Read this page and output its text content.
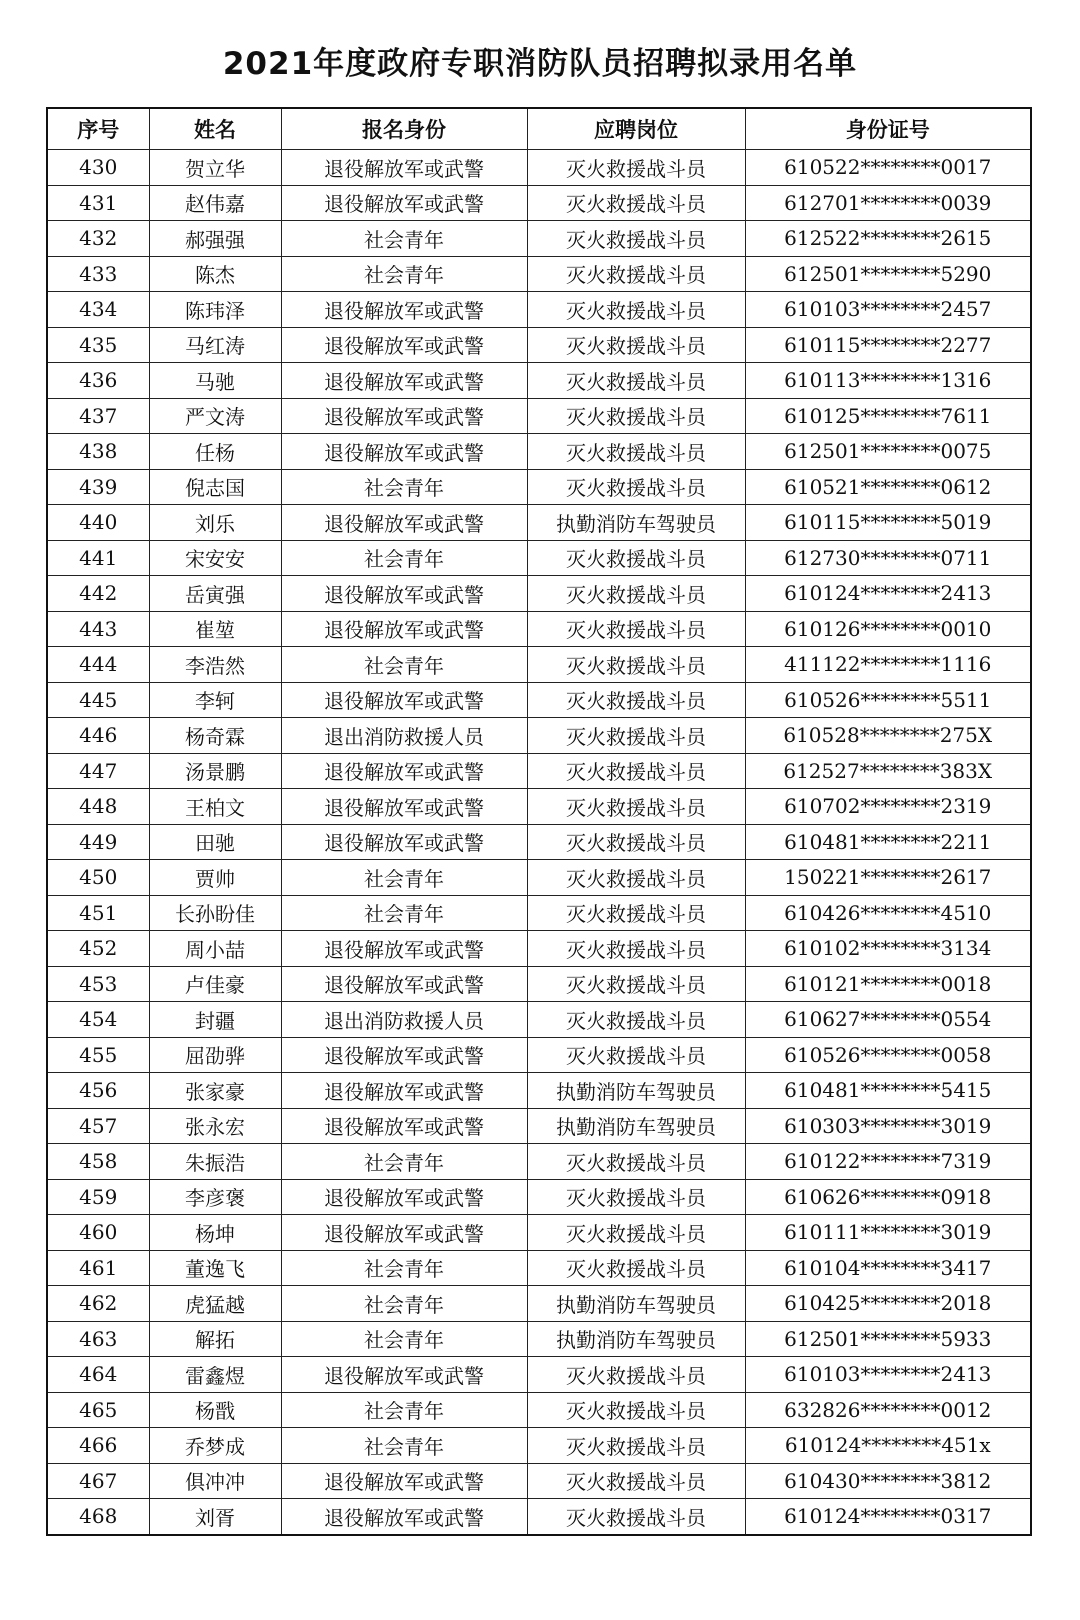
2021年度政府专职消防队员招聘拟录用名单
序号	姓名	报名身份	应聘岗位	身份证号
430	贺立华	退役解放军或武警	灭火救援战斗员	610522********0017
431	赵伟嘉	退役解放军或武警	灭火救援战斗员	612701********0039
432	郝强强	社会青年	灭火救援战斗员	612522********2615
433	陈杰	社会青年	灭火救援战斗员	612501********5290
434	陈玮泽	退役解放军或武警	灭火救援战斗员	610103********2457
435	马红涛	退役解放军或武警	灭火救援战斗员	610115********2277
436	马驰	退役解放军或武警	灭火救援战斗员	610113********1316
437	严文涛	退役解放军或武警	灭火救援战斗员	610125********7611
438	任杨	退役解放军或武警	灭火救援战斗员	612501********0075
439	倪志国	社会青年	灭火救援战斗员	610521********0612
440	刘乐	退役解放军或武警	执勤消防车驾驶员	610115********5019
441	宋安安	社会青年	灭火救援战斗员	612730********0711
442	岳寅强	退役解放军或武警	灭火救援战斗员	610124********2413
443	崔堃	退役解放军或武警	灭火救援战斗员	610126********0010
444	李浩然	社会青年	灭火救援战斗员	411122********1116
445	李轲	退役解放军或武警	灭火救援战斗员	610526********5511
446	杨奇霖	退出消防救援人员	灭火救援战斗员	610528********275X
447	汤景鹏	退役解放军或武警	灭火救援战斗员	612527********383X
448	王柏文	退役解放军或武警	灭火救援战斗员	610702********2319
449	田驰	退役解放军或武警	灭火救援战斗员	610481********2211
450	贾帅	社会青年	灭火救援战斗员	150221********2617
451	长孙盼佳	社会青年	灭火救援战斗员	610426********4510
452	周小喆	退役解放军或武警	灭火救援战斗员	610102********3134
453	卢佳豪	退役解放军或武警	灭火救援战斗员	610121********0018
454	封疆	退出消防救援人员	灭火救援战斗员	610627********0554
455	屈劭骅	退役解放军或武警	灭火救援战斗员	610526********0058
456	张家豪	退役解放军或武警	执勤消防车驾驶员	610481********5415
457	张永宏	退役解放军或武警	执勤消防车驾驶员	610303********3019
458	朱振浩	社会青年	灭火救援战斗员	610122********7319
459	李彦褒	退役解放军或武警	灭火救援战斗员	610626********0918
460	杨坤	退役解放军或武警	灭火救援战斗员	610111********3019
461	董逸飞	社会青年	灭火救援战斗员	610104********3417
462	虎猛越	社会青年	执勤消防车驾驶员	610425********2018
463	解拓	社会青年	执勤消防车驾驶员	612501********5933
464	雷鑫煜	退役解放军或武警	灭火救援战斗员	610103********2413
465	杨戬	社会青年	灭火救援战斗员	632826********0012
466	乔梦成	社会青年	灭火救援战斗员	610124********451x
467	俱冲冲	退役解放军或武警	灭火救援战斗员	610430********3812
468	刘胥	退役解放军或武警	灭火救援战斗员	610124********0317
